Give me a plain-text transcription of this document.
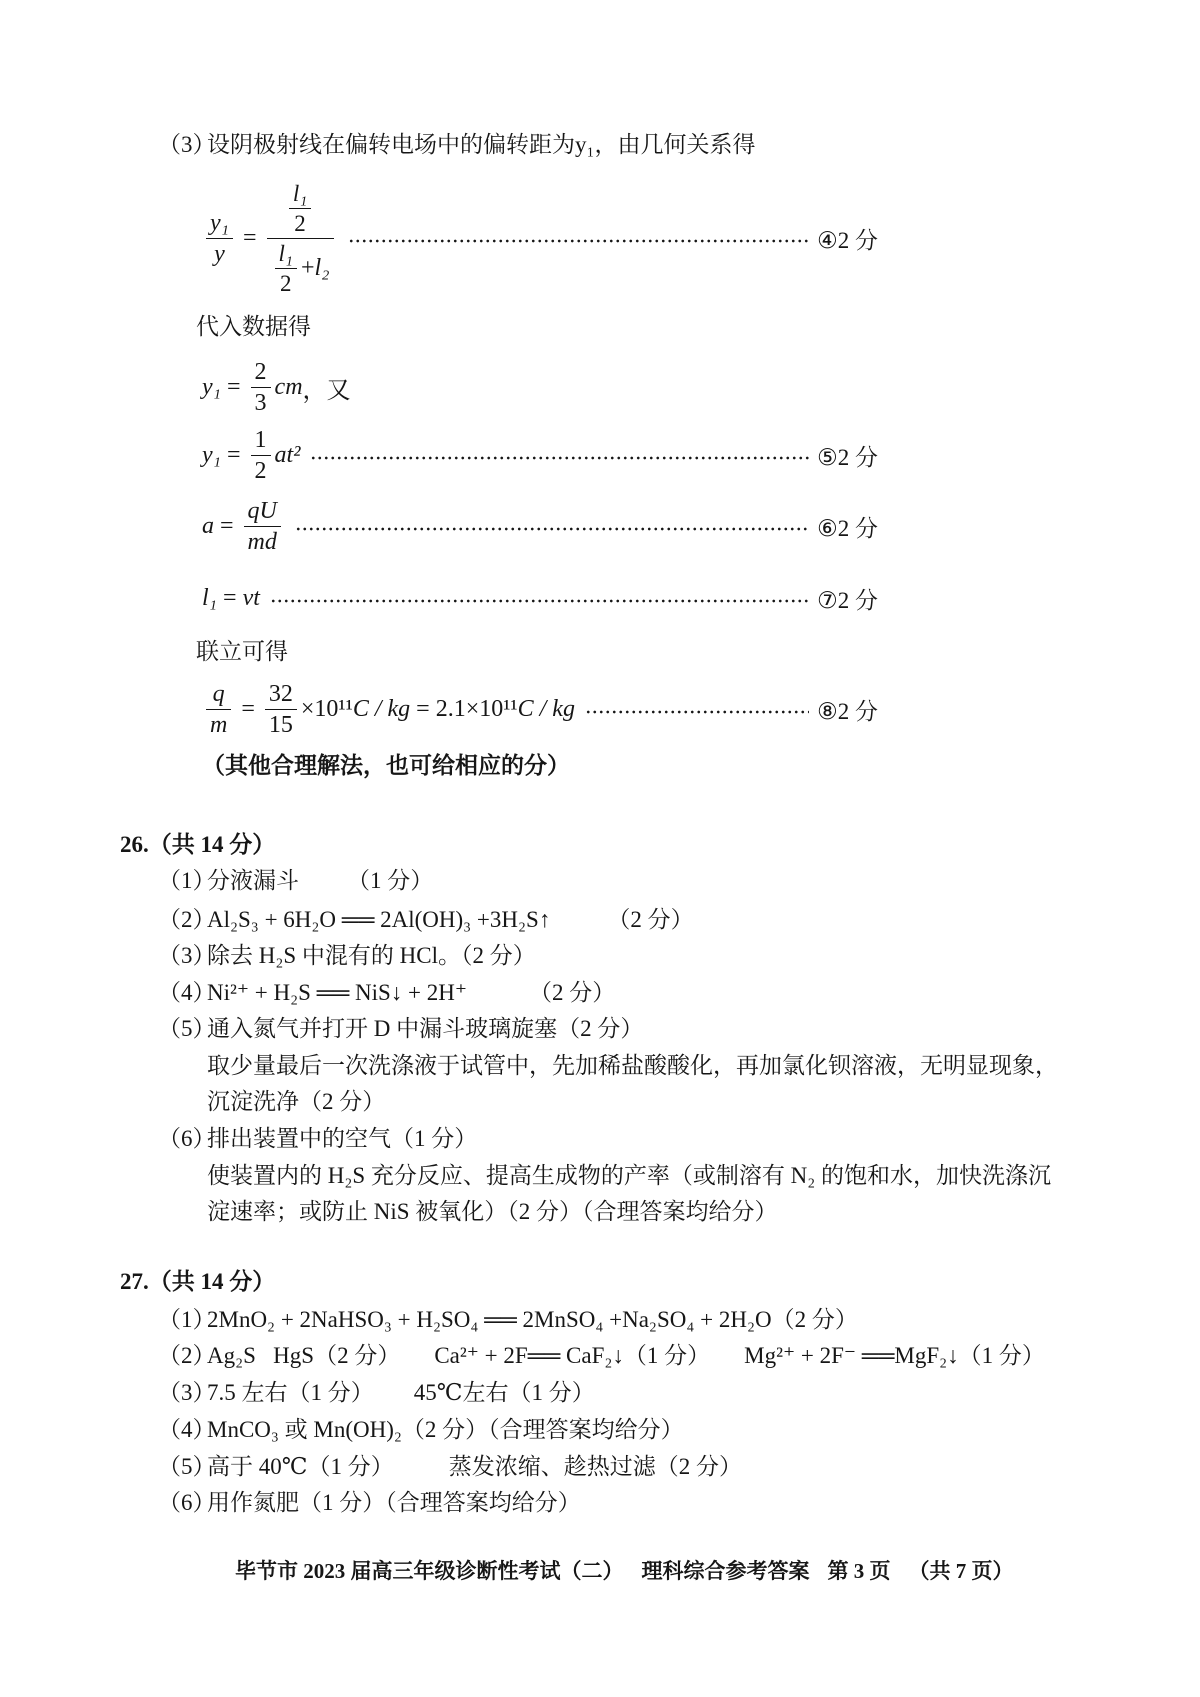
（3）
设阴极射线在偏转电场中的偏转距为y₁，由几何关系得
$\frac{\text{y₁}}{y} = \frac{\frac{\text{l₁}}{2}}{\frac{\text{l₁}}{2} + l_2}$	④2 分
代入数据得
$y_1 = \frac{2}{3}$ cm ，又
$y_1 = \frac{1}{2} at^2$	⑤2 分
$a = \frac{qU}{md}$	⑥2 分
l₁ = vt	⑦2 分
联立可得
$\frac{q}{m} = \frac{32}{15} \times 10^{11}$ C / kg = 2.1×10¹¹ C / kg	⑧2 分
（其他合理解法，也可给相应的分）
26. （共 14 分）
（1）
分液漏斗 （1 分）
（2）
Al₂S₃ + 6H₂O ══ 2Al(OH)₃ +3H₂S↑ （2 分）
（3）
除去 H₂S 中混有的 HCl。（2 分）
（4）
Ni²⁺ + H₂S ══ NiS↓ + 2H⁺	（2 分）
（5）
通入氮气并打开 D 中漏斗玻璃旋塞（2 分）
取少量最后一次洗涤液于试管中，先加稀盐酸酸化，再加氯化钡溶液，无明显现象，
沉淀洗净（2 分）
（6）
排出装置中的空气（1 分）
使装置内的 H₂S 充分反应、提高生成物的产率（或制溶有 N₂ 的饱和水，加快洗涤沉
淀速率；或防止 NiS 被氧化）（2 分）（合理答案均给分）
27. （共 14 分）
（1）
2MnO₂ + 2NaHSO₃ + H₂SO₄ ══ 2MnSO₄ +Na₂SO₄ + 2H₂O（2 分）
（2）
Ag₂S   HgS（2 分） Ca²⁺ + 2F══ CaF₂↓（1 分） Mg²⁺ + 2F⁻ ══MgF₂↓（1 分）
（3）
7.5 左右（1 分） 45℃左右（1 分）
（4）
MnCO₃ 或 Mn(OH)₂（2 分）（合理答案均给分）
（5）
高于 40℃（1 分） 蒸发浓缩、趁热过滤（2 分）
（6）
用作氮肥（1 分）（合理答案均给分）
毕节市 2023 届高三年级诊断性考试（二） 理科综合参考答案 第 3 页 （共 7 页）
